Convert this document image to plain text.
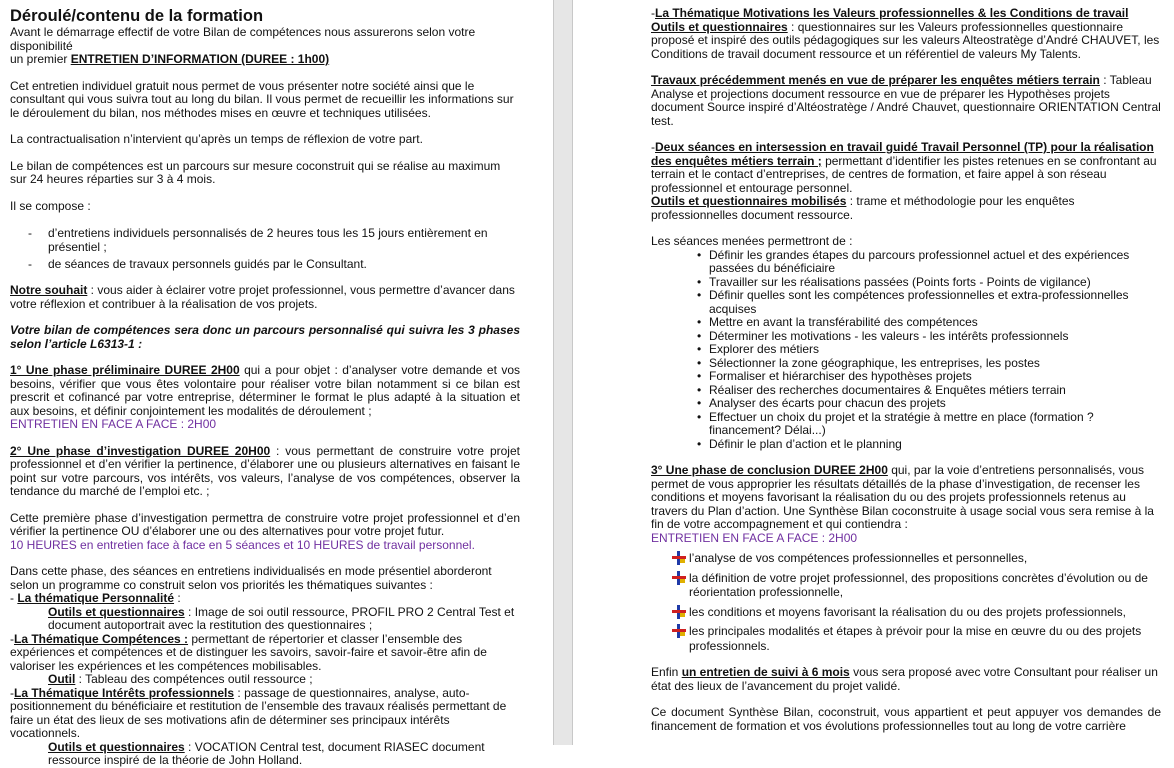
Déroulé/contenu de la formation

Avant le démarrage effectif de votre Bilan de compétences nous assurerons selon votre disponibilité
un premier ENTRETIEN D’INFORMATION (DUREE : 1h00)

Cet entretien individuel gratuit nous permet de vous présenter notre société ainsi que le consultant qui vous suivra tout au long du bilan. Il vous permet de recueillir les informations sur le déroulement du bilan, nos méthodes mises en œuvre et techniques utilisées.

La contractualisation n’intervient qu’après un temps de réflexion de votre part.

Le bilan de compétences est un parcours sur mesure coconstruit qui se réalise au maximum sur 24 heures réparties sur 3 à 4 mois.

Il se compose :

-	d’entretiens individuels personnalisés de 2 heures tous les 15 jours entièrement en présentiel ;
-	de séances de travaux personnels guidés par le Consultant.

Notre souhait : vous aider à éclairer votre projet professionnel, vous permettre d’avancer dans votre réflexion et contribuer à la réalisation de vos projets.

Votre bilan de compétences sera donc un parcours personnalisé qui suivra les 3 phases selon l’article L6313-1 :

1° Une phase préliminaire DUREE 2H00 qui a pour objet : d’analyser votre demande et vos besoins, vérifier que vous êtes volontaire pour réaliser votre bilan notamment si ce bilan est prescrit et cofinancé par votre entreprise, déterminer le format le plus adapté à la situation et aux besoins, et définir conjointement les modalités de déroulement ;

ENTRETIEN EN FACE A FACE : 2H00

2° Une phase d’investigation DUREE 20H00 : vous permettant de construire votre projet professionnel et d’en vérifier la pertinence, d’élaborer une ou plusieurs alternatives en faisant le point sur votre parcours, vos intérêts, vos valeurs, l’analyse de vos compétences, observer la tendance du marché de l’emploi etc. ;

Cette première phase d’investigation permettra de construire votre projet professionnel et d’en vérifier la pertinence OU d’élaborer une ou des alternatives pour votre projet futur.

10 HEURES en entretien face à face en 5 séances et 10 HEURES de travail personnel.

Dans cette phase, des séances en entretiens individualisés en mode présentiel aborderont selon un programme co construit selon vos priorités les thématiques suivantes :

- La thématique Personnalité :

Outils et questionnaires : Image de soi outil ressource, PROFIL PRO 2 Central Test et document autoportrait avec la restitution des questionnaires ;

-La Thématique Compétences : permettant de répertorier et classer l’ensemble des expériences et compétences et de distinguer les savoirs, savoir-faire et savoir-être afin de valoriser les expériences et les compétences mobilisables.

Outil : Tableau des compétences outil ressource ;

-La Thématique Intérêts professionnels : passage de questionnaires, analyse, auto-positionnement du bénéficiaire et restitution de l’ensemble des travaux réalisés permettant de faire un état des lieux de ses motivations afin de déterminer ses principaux intérêts vocationnels.

Outils et questionnaires : VOCATION Central test, document RIASEC document ressource inspiré de la théorie de John Holland.

-La Thématique Motivations les Valeurs professionnelles & les Conditions de travail

Outils et questionnaires : questionnaires sur les Valeurs professionnelles questionnaire proposé et inspiré des outils pédagogiques sur les valeurs Alteostratège d’André CHAUVET, les Conditions de travail document ressource et un référentiel de valeurs My Talents.

Travaux précédemment menés en vue de préparer les enquêtes métiers terrain : Tableau Analyse et projections document ressource en vue de préparer les Hypothèses projets document Source inspiré d’Altéostratège / André Chauvet, questionnaire ORIENTATION Central test.

-Deux séances en intersession en travail guidé Travail Personnel (TP) pour la réalisation des enquêtes métiers terrain ; permettant d’identifier les pistes retenues en se confrontant au terrain et le contact d’entreprises, de centres de formation, et faire appel à son réseau professionnel et entourage personnel.

Outils et questionnaires mobilisés : trame et méthodologie pour les enquêtes professionnelles document ressource.

Les séances menées permettront de :

• Définir les grandes étapes du parcours professionnel actuel et des expériences passées du bénéficiaire
• Travailler sur les réalisations passées (Points forts - Points de vigilance)
• Définir quelles sont les compétences professionnelles et extra-professionnelles acquises
• Mettre en avant la transférabilité des compétences
• Déterminer les motivations - les valeurs - les intérêts professionnels
• Explorer des métiers
• Sélectionner la zone géographique, les entreprises, les postes
• Formaliser et hiérarchiser des hypothèses projets
• Réaliser des recherches documentaires & Enquêtes métiers terrain
• Analyser des écarts pour chacun des projets
• Effectuer un choix du projet et la stratégie à mettre en place (formation ? financement? Délai...)
• Définir le plan d’action et le planning

3° Une phase de conclusion DUREE 2H00 qui, par la voie d’entretiens personnalisés, vous permet de vous approprier les résultats détaillés de la phase d’investigation, de recenser les conditions et moyens favorisant la réalisation du ou des projets professionnels retenus au travers du Plan d’action. Une Synthèse Bilan coconstruite à usage social vous sera remise à la fin de votre accompagnement et qui contiendra :

ENTRETIEN EN FACE A FACE : 2H00

l’analyse de vos compétences professionnelles et personnelles,
la définition de votre projet professionnel, des propositions concrètes d’évolution ou de réorientation professionnelle,
les conditions et moyens favorisant la réalisation du ou des projets professionnels,
les principales modalités et étapes à prévoir pour la mise en œuvre du ou des projets professionnels.

Enfin un entretien de suivi à 6 mois vous sera proposé avec votre Consultant pour réaliser un état des lieux de l’avancement du projet validé.

Ce document Synthèse Bilan, coconstruit, vous appartient et peut appuyer vos demandes de financement de formation et vos évolutions professionnelles tout au long de votre carrière
